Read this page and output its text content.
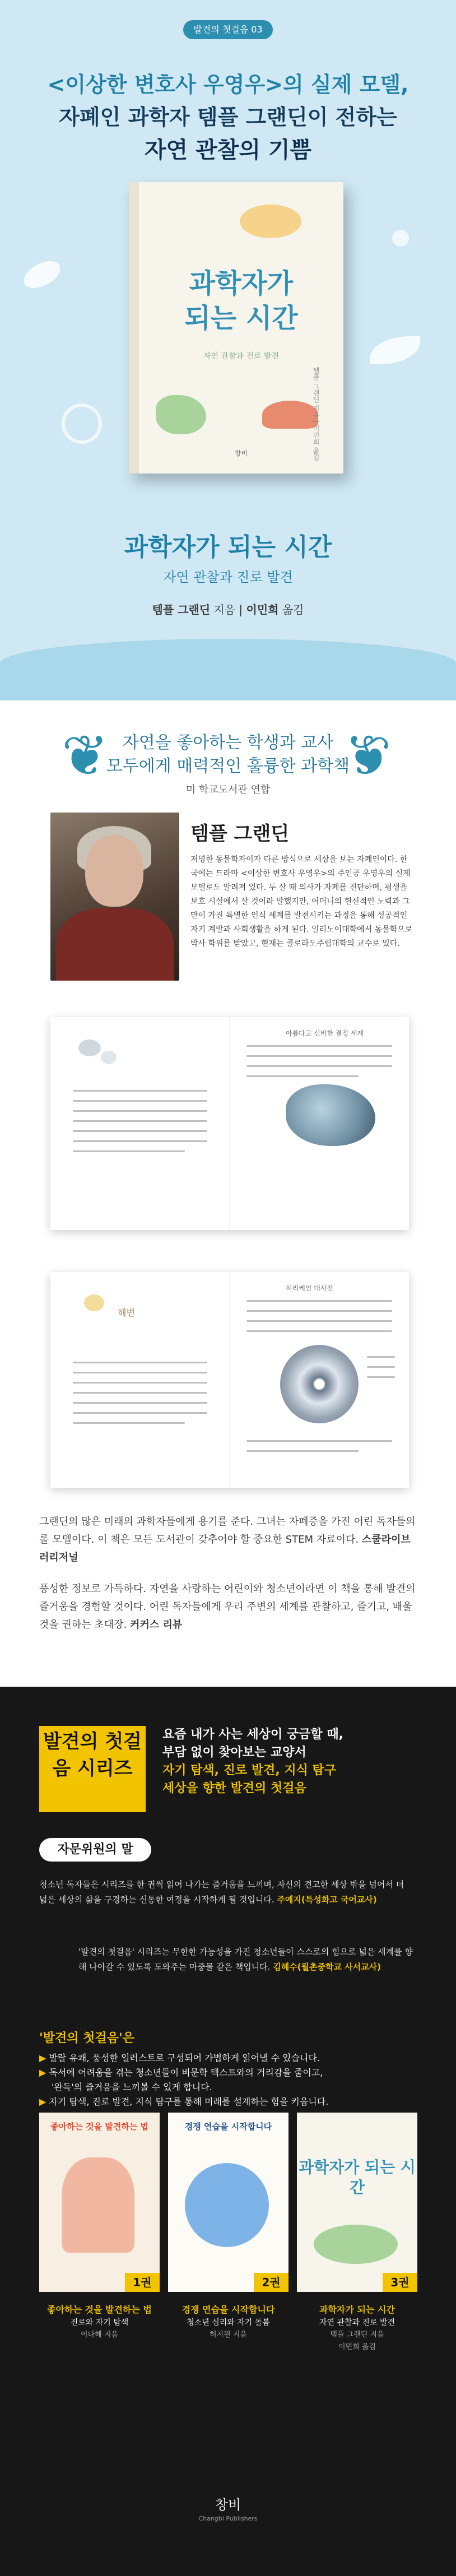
발견의 첫걸음 03
<이상한 변호사 우영우>의 실제 모델,
자폐인 과학자 템플 그랜딘이 전하는
자연 관찰의 기쁨
과학자가
되는 시간
자연 관찰과 진로 발견
템플 그랜딘 지음 | 이민희 옮김
창비
과학자가 되는 시간
자연 관찰과 진로 발견
템플 그랜딘 지음 | 이민희 옮김
❦	❦
자연을 좋아하는 학생과 교사
모두에게 매력적인 훌륭한 과학책
미 학교도서관 연합
템플 그랜딘
저명한 동물학자이자 다른 방식으로 세상을 보는 자폐인이다. 한국에는 드라마 <이상한 변호사 우영우>의 주인공 우영우의 실제 모델로도 알려져 있다. 두 살 때 의사가 자폐를 진단하며, 평생을 보호 시설에서 살 것이라 말했지만, 어머니의 헌신적인 노력과 그만이 가진 특별한 인식 세계를 발전시키는 과정을 통해 성공적인 자기 계발과 사회생활을 하게 된다. 일리노이대학에서 동물학으로 박사 학위를 받았고, 현재는 콜로라도주립대학의 교수로 있다.
아름다고 신비한 결정 세계
해변
허리케인 대사전
그랜딘의 많은 미래의 과학자들에게 용기를 준다. 그녀는 자폐증을 가진 어린 독자들의 롤 모델이다. 이 책은 모든 도서관이 갖추어야 할 중요한 STEM 자료이다. 스쿨라이브러리저널
풍성한 정보로 가득하다. 자연을 사랑하는 어린이와 청소년이라면 이 책을 통해 발견의 즐거움을 경험할 것이다. 어린 독자들에게 우리 주변의 세계를 관찰하고, 즐기고, 배울 것을 권하는 초대장. 커커스 리뷰
발견의 첫걸음 시리즈
요즘 내가 사는 세상이 궁금할 때,
부담 없이 찾아보는 교양서
자기 탐색, 진로 발견, 지식 탐구
세상을 향한 발견의 첫걸음
자문위원의 말
청소년 독자들은 시리즈를 한 권씩 읽어 나가는 즐거움을 느끼며, 자신의 견고한 세상 밖을 넘어서 더 넓은 세상의 삶을 구경하는 신통한 여정을 시작하게 될 것입니다. 주예지(특성화고 국어교사)
'발견의 첫걸음' 시리즈는 무한한 가능성을 가진 청소년들이 스스로의 힘으로 넓은 세계를 향해 나아갈 수 있도록 도와주는 마중물 같은 책입니다. 김혜수(월촌중학교 사서교사)
'발견의 첫걸음'은
▶ 발랄 유쾌, 풍성한 일러스트로 구성되어 가볍하게 읽어낼 수 있습니다.
▶ 독서에 어려움을 겪는 청소년들이 비문학 텍스트와의 거리감을 줄이고,
'완독'의 즐거움을 느끼볼 수 있게 합니다.
▶ 자기 탐색, 진로 발견, 지식 탐구를 통해 미래를 설계하는 힘을 키웁니다.
좋아하는 것을 발견하는 법
1권
경쟁 연습을 시작합니다
2권
과학자가 되는 시간
3권
좋아하는 것을 발견하는 법
진로와 자기 탐색
이다혜 지음
경쟁 연습을 시작합니다
청소년 심리와 자기 돌봄
허지원 지음
과학자가 되는 시간
자연 관찰과 진로 발견
템플 그랜딘 지음
이민희 옮김
창비
Changbi Publishers
